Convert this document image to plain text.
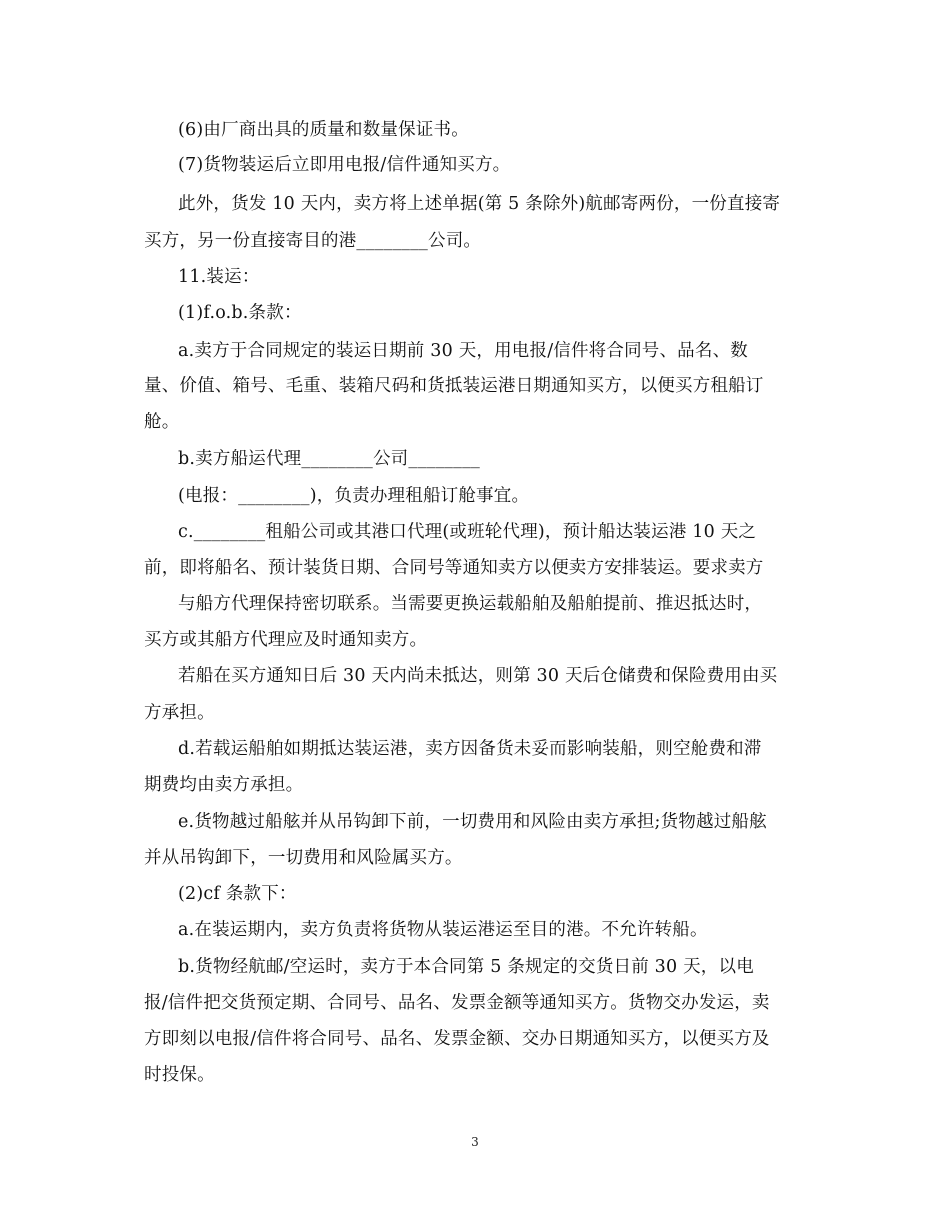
(6)由厂商出具的质量和数量保证书。
(7)货物装运后立即用电报/信件通知买方。
此外，货发 10 天内，卖方将上述单据(第 5 条除外)航邮寄两份，一份直接寄
买方，另一份直接寄目的港________公司。
11.装运：
(1)f.o.b.条款：
a.卖方于合同规定的装运日期前 30 天，用电报/信件将合同号、品名、数
量、价值、箱号、毛重、装箱尺码和货抵装运港日期通知买方，以便买方租船订
舱。
b.卖方船运代理________公司________
(电报：________)，负责办理租船订舱事宜。
c.________租船公司或其港口代理(或班轮代理)，预计船达装运港 10 天之
前，即将船名、预计装货日期、合同号等通知卖方以便卖方安排装运。要求卖方
与船方代理保持密切联系。当需要更换运载船舶及船舶提前、推迟抵达时，
买方或其船方代理应及时通知卖方。
若船在买方通知日后 30 天内尚未抵达，则第 30 天后仓储费和保险费用由买
方承担。
d.若载运船舶如期抵达装运港，卖方因备货未妥而影响装船，则空舱费和滞
期费均由卖方承担。
e.货物越过船舷并从吊钩卸下前，一切费用和风险由卖方承担;货物越过船舷
并从吊钩卸下，一切费用和风险属买方。
(2)cf 条款下：
a.在装运期内，卖方负责将货物从装运港运至目的港。不允许转船。
b.货物经航邮/空运时，卖方于本合同第 5 条规定的交货日前 30 天，以电
报/信件把交货预定期、合同号、品名、发票金额等通知买方。货物交办发运，卖
方即刻以电报/信件将合同号、品名、发票金额、交办日期通知买方，以便买方及
时投保。
3
